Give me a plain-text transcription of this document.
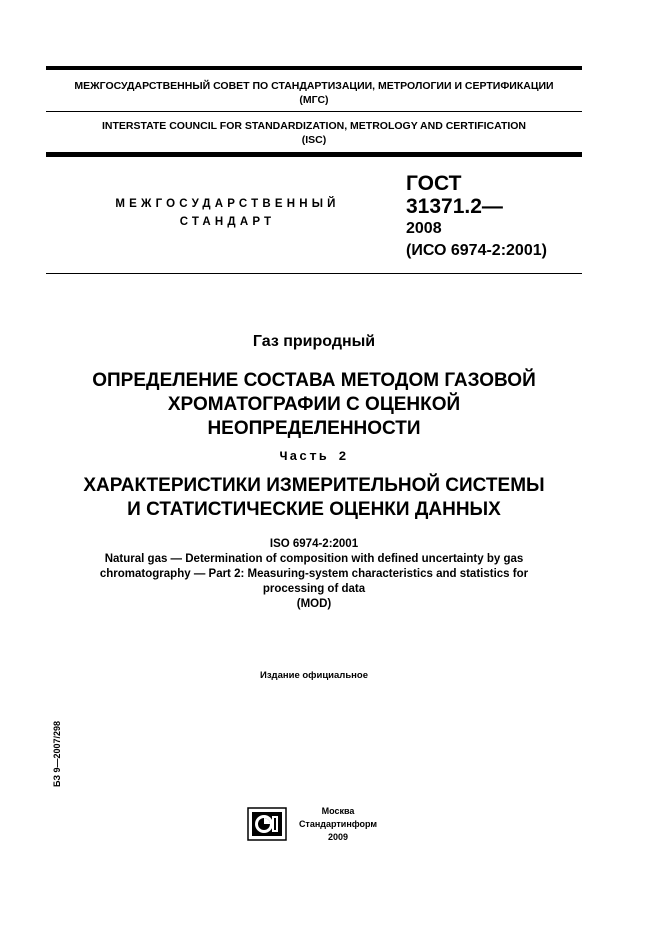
МЕЖГОСУДАРСТВЕННЫЙ СОВЕТ ПО СТАНДАРТИЗАЦИИ, МЕТРОЛОГИИ И СЕРТИФИКАЦИИ
(МГС)
INTERSTATE COUNCIL FOR STANDARDIZATION, METROLOGY AND CERTIFICATION
(ISC)
МЕЖГОСУДАРСТВЕННЫЙ
СТАНДАРТ
ГОСТ
31371.2—
2008
(ИСО 6974-2:2001)
Газ природный
ОПРЕДЕЛЕНИЕ СОСТАВА МЕТОДОМ ГАЗОВОЙ
ХРОМАТОГРАФИИ С ОЦЕНКОЙ
НЕОПРЕДЕЛЕННОСТИ
Часть 2
ХАРАКТЕРИСТИКИ ИЗМЕРИТЕЛЬНОЙ СИСТЕМЫ
И СТАТИСТИЧЕСКИЕ ОЦЕНКИ ДАННЫХ
ISO 6974-2:2001
Natural gas — Determination of composition with defined uncertainty by gas
chromatography — Part 2: Measuring-system characteristics and statistics for
processing of data
(MOD)
Издание официальное
БЗ 9—2007/298
Москва
Стандартинформ
2009
